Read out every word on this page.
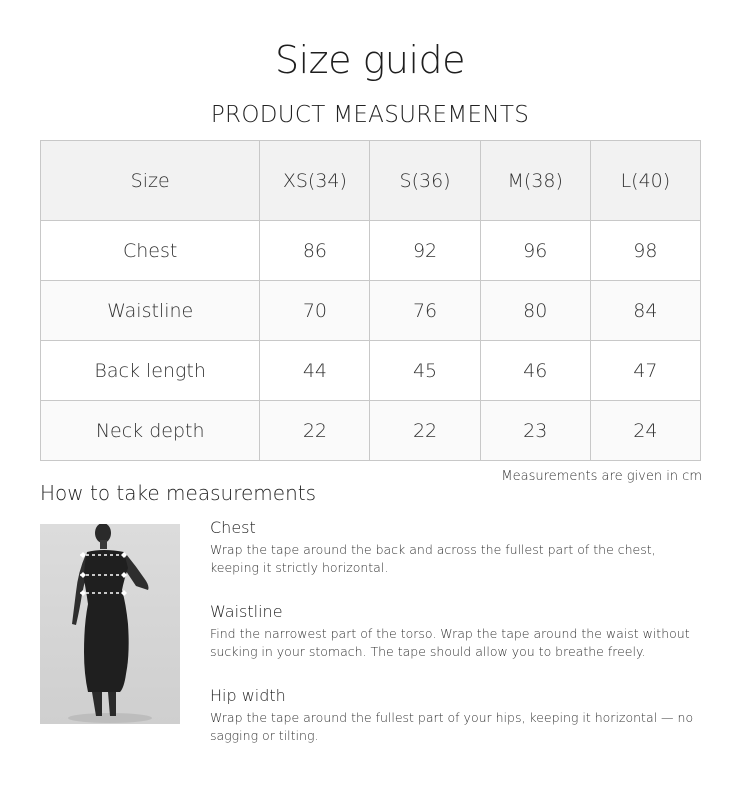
Size guide
PRODUCT MEASUREMENTS
Size	XS(34)	S(36)	M(38)	L(40)
Chest	86	92	96	98
Waistline	70	76	80	84
Back length	44	45	46	47
Neck depth	22	22	23	24
Measurements are given in cm
How to take measurements
Chest

Wrap the tape around the back and across the fullest part of the chest, keeping it strictly horizontal.

Waistline

Find the narrowest part of the torso. Wrap the tape around the waist without sucking in your stomach. The tape should allow you to breathe freely.

Hip width

Wrap the tape around the fullest part of your hips, keeping it horizontal — no sagging or tilting.
